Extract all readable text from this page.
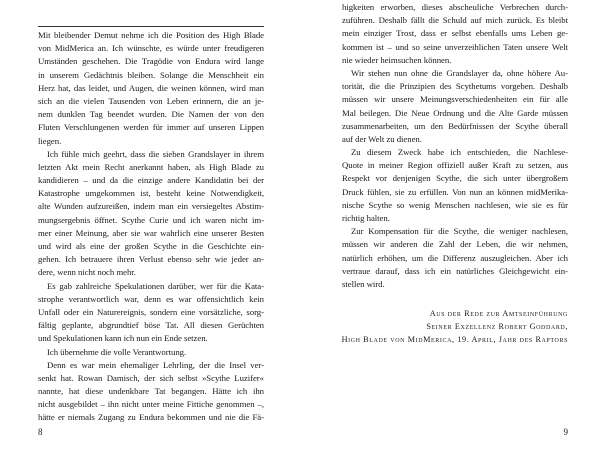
Mit bleibender Demut nehme ich die Position des High Blade
von MidMerica an. Ich wünschte, es würde unter freudigeren
Umständen geschehen. Die Tragödie von Endura wird lange
in unserem Gedächtnis bleiben. Solange die Menschheit ein
Herz hat, das leidet, und Augen, die weinen können, wird man
sich an die vielen Tausenden von Leben erinnern, die an je-
nem dunklen Tag beendet wurden. Die Namen der von den
Fluten Verschlungenen werden für immer auf unseren Lippen
liegen.
Ich fühle mich geehrt, dass die sieben Grandslayer in ihrem
letzten Akt mein Recht anerkannt haben, als High Blade zu
kandidieren – und da die einzige andere Kandidatin bei der
Katastrophe umgekommen ist, besteht keine Notwendigkeit,
alte Wunden aufzureißen, indem man ein versiegeltes Abstim-
mungsergebnis öffnet. Scythe Curie und ich waren nicht im-
mer einer Meinung, aber sie war wahrlich eine unserer Besten
und wird als eine der großen Scythe in die Geschichte ein-
gehen. Ich betrauere ihren Verlust ebenso sehr wie jeder an-
dere, wenn nicht noch mehr.
Es gab zahlreiche Spekulationen darüber, wer für die Kata-
strophe verantwortlich war, denn es war offensichtlich kein
Unfall oder ein Naturereignis, sondern eine vorsätzliche, sorg-
fältig geplante, abgrundtief böse Tat. All diesen Gerüchten
und Spekulationen kann ich nun ein Ende setzen.
Ich übernehme die volle Verantwortung.
Denn es war mein ehemaliger Lehrling, der die Insel ver-
senkt hat. Rowan Damisch, der sich selbst »Scythe Luzifer«
nannte, hat diese undenkbare Tat begangen. Hätte ich ihn
nicht ausgebildet – ihn nicht unter meine Fittiche genommen –,
hätte er niemals Zugang zu Endura bekommen und nie die Fä-
8
higkeiten erworben, dieses abscheuliche Verbrechen durch-
zuführen. Deshalb fällt die Schuld auf mich zurück. Es bleibt
mein einziger Trost, dass er selbst ebenfalls ums Leben ge-
kommen ist – und so seine unverzeihlichen Taten unsere Welt
nie wieder heimsuchen können.
Wir stehen nun ohne die Grandslayer da, ohne höhere Au-
torität, die die Prinzipien des Scythetums vorgeben. Deshalb
müssen wir unsere Meinungsverschiedenheiten ein für alle
Mal beilegen. Die Neue Ordnung und die Alte Garde müssen
zusammenarbeiten, um den Bedürfnissen der Scythe überall
auf der Welt zu dienen.
Zu diesem Zweck habe ich entschieden, die Nachlese-
Quote in meiner Region offiziell außer Kraft zu setzen, aus
Respekt vor denjenigen Scythe, die sich unter übergroßem
Druck fühlen, sie zu erfüllen. Von nun an können midMerika-
nische Scythe so wenig Menschen nachlesen, wie sie es für
richtig halten.
Zur Kompensation für die Scythe, die weniger nachlesen,
müssen wir anderen die Zahl der Leben, die wir nehmen,
natürlich erhöhen, um die Differenz auszugleichen. Aber ich
vertraue darauf, dass ich ein natürliches Gleichgewicht ein-
stellen wird.
Aus der Rede zur Amtseinführung
Seiner Exzellenz Robert Goddard,
High Blade von MidMerica, 19. April, Jahr des Raptors
9
